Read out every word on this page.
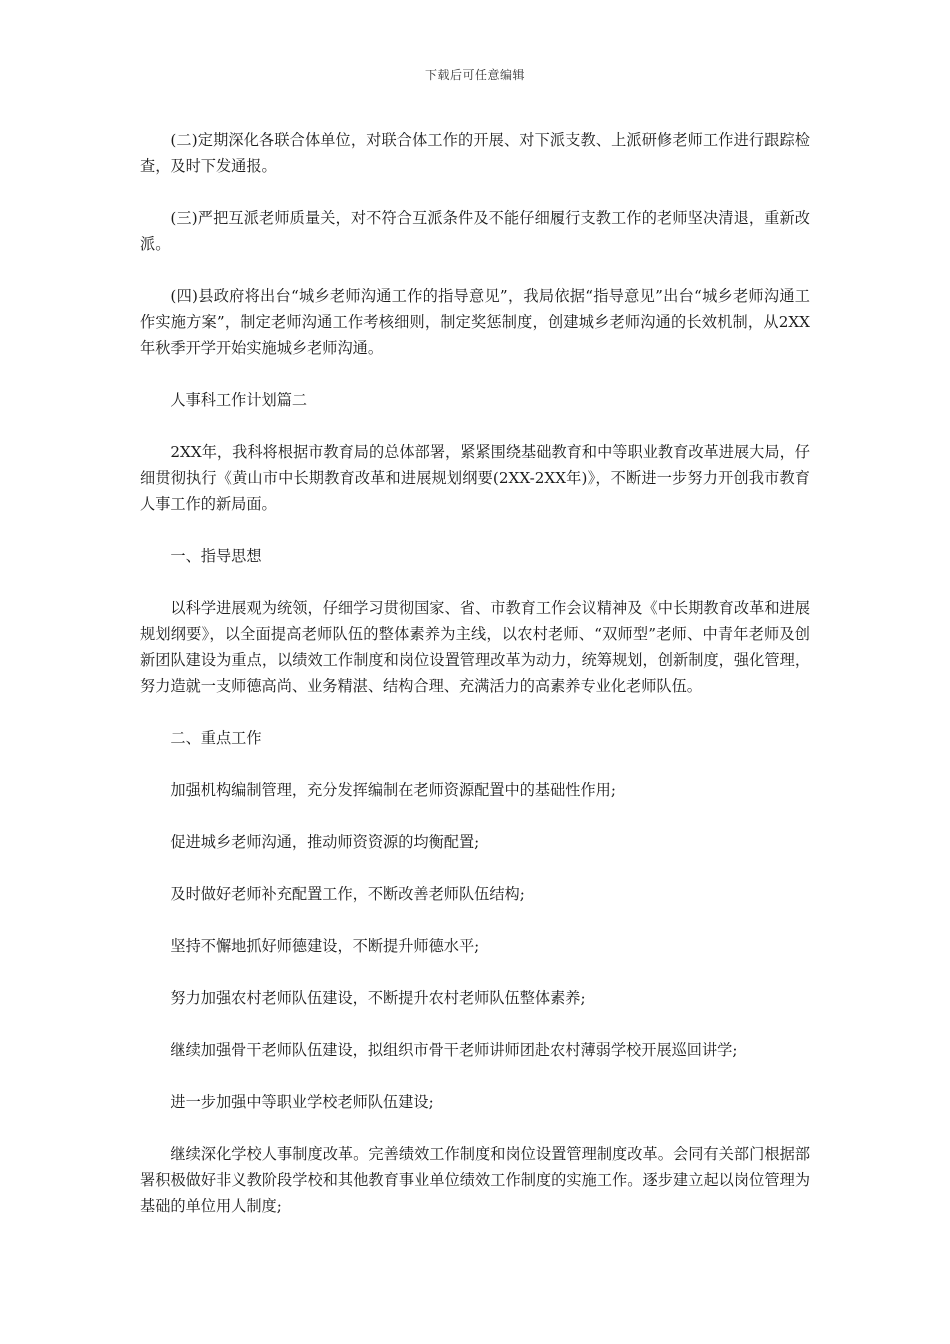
下载后可任意编辑

(二)定期深化各联合体单位，对联合体工作的开展、对下派支教、上派研修老师工作进行跟踪检查，及时下发通报。

(三)严把互派老师质量关，对不符合互派条件及不能仔细履行支教工作的老师坚决清退，重新改派。

(四)县政府将出台“城乡老师沟通工作的指导意见”，我局依据“指导意见”出台“城乡老师沟通工作实施方案”，制定老师沟通工作考核细则，制定奖惩制度，创建城乡老师沟通的长效机制，从2XX年秋季开学开始实施城乡老师沟通。

人事科工作计划篇二

2XX年，我科将根据市教育局的总体部署，紧紧围绕基础教育和中等职业教育改革进展大局，仔细贯彻执行《黄山市中长期教育改革和进展规划纲要(2XX-2XX年)》，不断进一步努力开创我市教育人事工作的新局面。

一、指导思想

以科学进展观为统领，仔细学习贯彻国家、省、市教育工作会议精神及《中长期教育改革和进展规划纲要》，以全面提高老师队伍的整体素养为主线，以农村老师、“双师型”老师、中青年老师及创新团队建设为重点，以绩效工作制度和岗位设置管理改革为动力，统筹规划，创新制度，强化管理，努力造就一支师德高尚、业务精湛、结构合理、充满活力的高素养专业化老师队伍。

二、重点工作

加强机构编制管理，充分发挥编制在老师资源配置中的基础性作用;

促进城乡老师沟通，推动师资资源的均衡配置;

及时做好老师补充配置工作，不断改善老师队伍结构;

坚持不懈地抓好师德建设，不断提升师德水平;

努力加强农村老师队伍建设，不断提升农村老师队伍整体素养;

继续加强骨干老师队伍建设，拟组织市骨干老师讲师团赴农村薄弱学校开展巡回讲学;

进一步加强中等职业学校老师队伍建设;

继续深化学校人事制度改革。完善绩效工作制度和岗位设置管理制度改革。会同有关部门根据部署积极做好非义教阶段学校和其他教育事业单位绩效工作制度的实施工作。逐步建立起以岗位管理为基础的单位用人制度;
